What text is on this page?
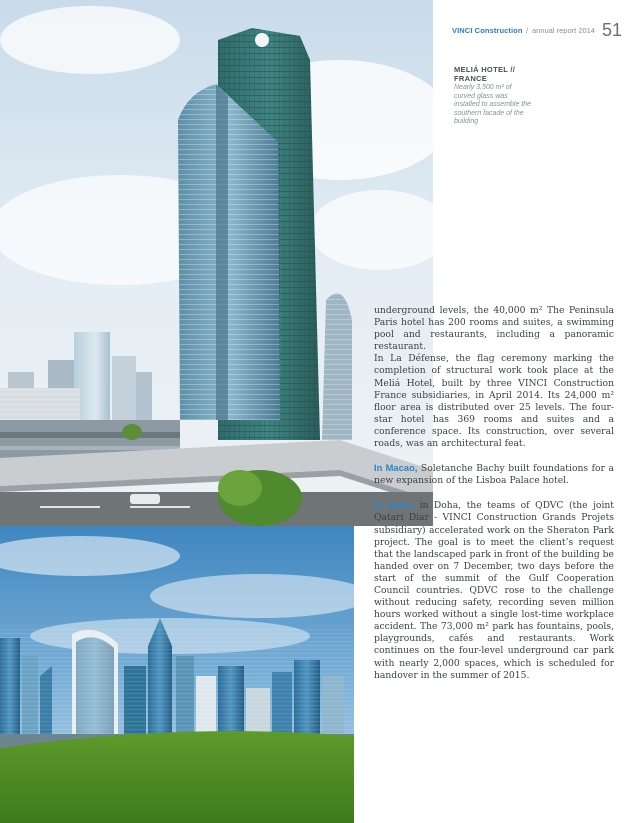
VINCI Construction / annual report 2014 51
MELIÁ HOTEL //
FRANCE
Nearly 3,500 m² of curved glass was installed to assemble the southern facade of the building

underground levels, the 40,000 m² The Peninsula Paris hotel has 200 rooms and suites, a swimming pool and restaurants, including a panoramic restaurant.

In La Défense, the flag ceremony marking the completion of structural work took place at the Meliá Hotel, built by three VINCI Construction France subsidiaries, in April 2014. Its 24,000 m² floor area is distributed over 25 levels. The four-star hotel has 369 rooms and suites and a conference space. Its construction, over several roads, was an architectural feat.

In Macao, Soletanche Bachy built foundations for a new expansion of the Lisboa Palace hotel.

In Qatar, in Doha, the teams of QDVC (the joint Qatari Diar - VINCI Construction Grands Projets subsidiary) accelerated work on the Sheraton Park project. The goal is to meet the client’s request that the landscaped park in front of the building be handed over on 7 December, two days before the start of the summit of the Gulf Cooperation Council countries. QDVC rose to the challenge without reducing safety, recording seven million hours worked without a single lost-time workplace accident. The 73,000 m² park has fountains, pools, playgrounds, cafés and restaurants. Work continues on the four-level underground car park with nearly 2,000 spaces, which is scheduled for handover in the summer of 2015.
